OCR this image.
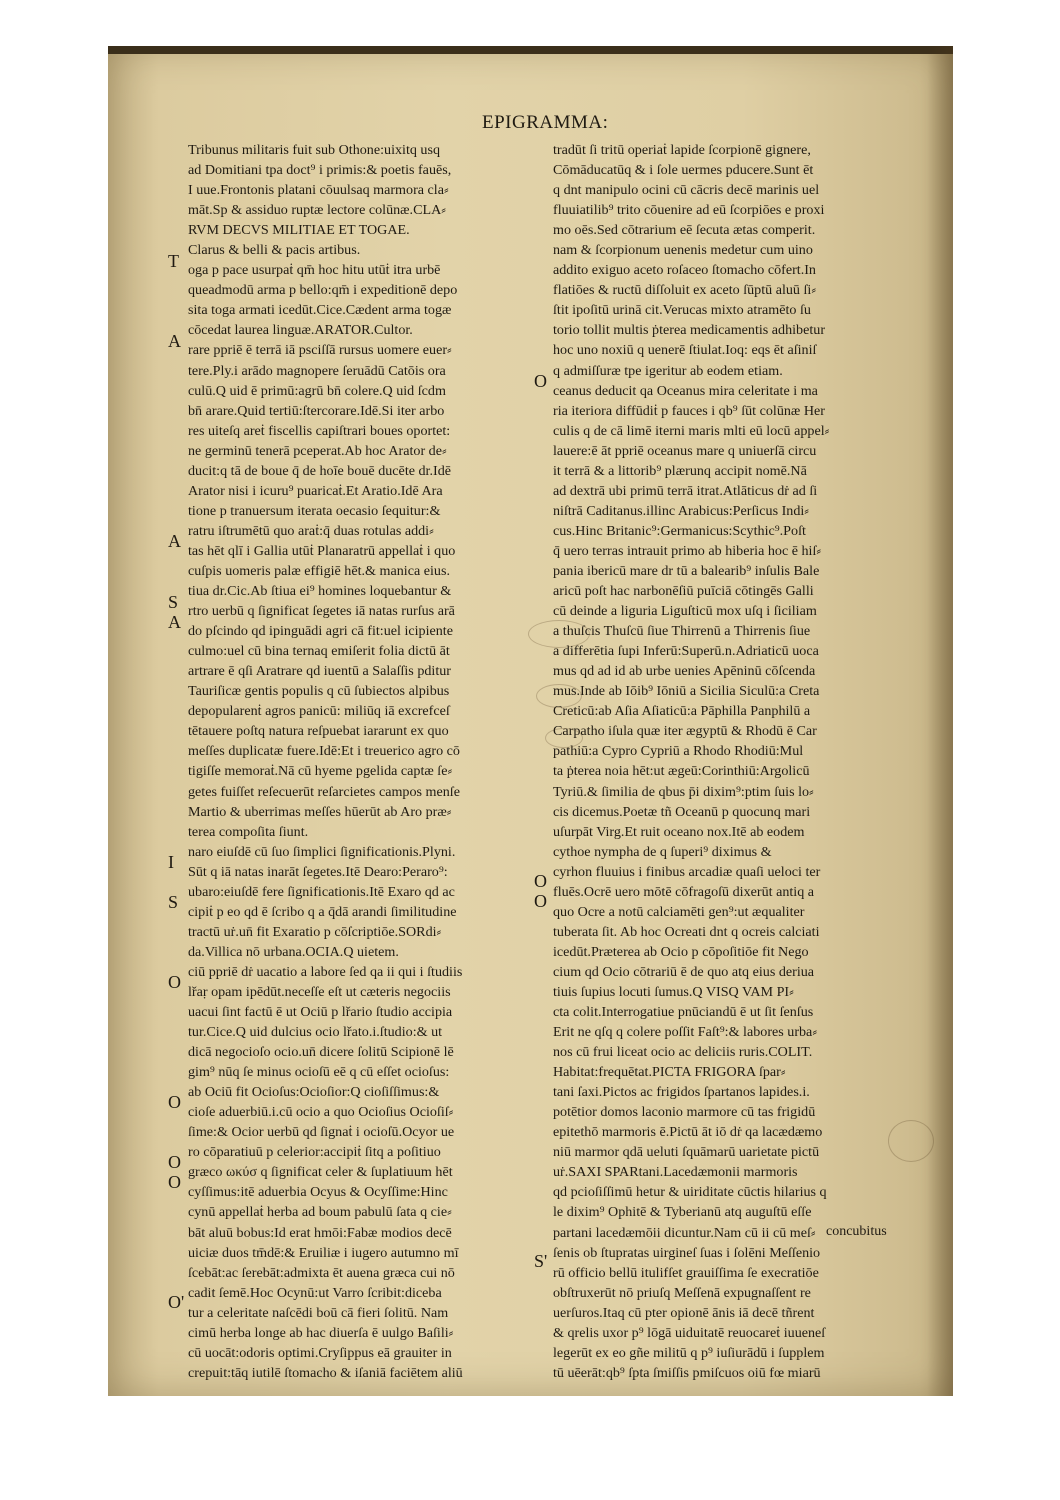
EPIGRAMMA:
T
A
A
S
A
I
S
O
O
O
O
O'
O
O
O
S'

Tribunus militaris fuit sub Othone:uixitq usq

ad Domitiani tpa doct⁹ i primis:& poetis fauēs,

I uue.Frontonis platani cōuulsaq marmora cla⸗

māt.Sp & assiduo ruptæ lectore colūnæ.CLA⸗

RVM DECVS MILITIAE ET TOGAE.

Clarus & belli & pacis artibus.

oga p pace usurpaṫ qm̄ hoc hitu utūṫ itra urbē

queadmodū arma p bello:qm̄ i expeditionē depo

sita toga armati icedūt.Cice.Cædent arma togæ

cōcedat laurea linguæ.ARATOR.Cultor.

rare ppriē ē terrā iā psciſſā rursus uomere euer⸗

tere.Ply.i arādo magnopere ſeruādū Catōis ora

culū.Q uid ē primū:agrū bn̄ colere.Q uid ſcdm

bn̄ arare.Quid tertiū:ſtercorare.Idē.Si iter arbo

res uiteſq areṫ fiscellis capiſtrari boues oportet:

ne germinū tenerā pceperat.Ab hoc Arator de⸗

ducit:q tā de boue q̄ de hoīe bouē ducēte dr.Idē

Arator nisi i icuru⁹ puaricaṫ.Et Aratio.Idē Ara

tione p tranuersum iterata oecasio ſequitur:&

ratru iſtrumētū quo araṫ:q̄ duas rotulas addi⸗

tas hēt qlī i Gallia utūṫ Planaratrū appellaṫ i quo

cuſpis uomeris palæ effigiē hēt.& manica eius.

tiua dr.Cic.Ab ſtiua ei⁹ homines loquebantur &

rtro uerbū q ſignificat ſegetes iā natas rurſus arā

do pſcindo qd ipinguādi agri cā fit:uel icipiente

culmo:uel cū bina ternaq emiſerit folia dictū āt

artrare ē qſi Aratrare qd iuentū a Salaſſis pditur

Tauriſicæ gentis populis q cū ſubiectos alpibus

depopularenṫ agros panicū: miliūq iā excrefceſ

tētauere poſtq natura reſpuebat iararunt ex quo

meſſes duplicatæ fuere.Idē:Et i treuerico agro cō

tigiſſe memoraṫ.Nā cū hyeme pgelida captæ ſe⸗

getes fuiſſet reſecuerūt reſarcietes campos menſe

Martio & uberrimas meſſes hūerūt ab Aro præ⸗

terea compoſita ſiunt.

naro eiuſdē cū ſuo ſimplici ſignificationis.Plyni.

Sūt q iā natas inarāt ſegetes.Itē Dearo:Peraro⁹:

ubaro:eiuſdē fere ſignificationis.Itē Exaro qd ac

cipiṫ p eo qd ē ſcribo q a q̄dā arandi ſimilitudine

tractū uṙ.un̄ fit Exaratio p cōſcriptiōe.SORdi⸗

da.Villica nō urbana.OCIA.Q uietem.

ciū ppriē dṙ uacatio a labore ſed qa ii qui i ſtudiis

lřaṛ opam ipēdūt.neceſſe eſt ut cæteris negociis

uacui ſint factū ē ut Ociū p lřario ſtudio accipia

tur.Cice.Q uid dulcius ocio lřato.i.ſtudio:& ut

dicā negocioſo ocio.un̄ dicere ſolitū Scipionē lē

gim⁹ nūq ſe minus ocioſū eē q cū eſſet ocioſus:

ab Ociū fit Ocioſus:Ocioſior:Q cioſiſſimus:&

cioſe aduerbiū.i.cū ocio a quo Ocioſius Ocioſiſ⸗

ſime:& Ocior uerbū qd ſignaṫ i ocioſū.Ocyor ue

ro cōparatiuū p celerior:accipiṫ ſitq a poſitiuo

græco ωκύσ q ſignificat celer & ſuplatiuum hēt

cyſſimus:itē aduerbia Ocyus & Ocyſſime:Hinc

cynū appellaṫ herba ad boum pabulū ſata q cie⸗

bāt aluū bobus:Id erat hmōi:Fabæ modios decē

uiciæ duos tm̄dē:& Eruiliæ i iugero autumno mī

ſcebāt:ac ſerebāt:admixta ēt auena græca cui nō

cadit ſemē.Hoc Ocynū:ut Varro ſcribit:diceba

tur a celeritate naſcēdi boū cā fieri ſolitū. Nam

cimū herba longe ab hac diuerſa ē uulgo Baſili⸗

cū uocāt:odoris optimi.Cryſippus eā grauiter in

crepuit:tāq iutilē ſtomacho & iſaniā faciētem aliū

tradūt ſi tritū operiaṫ lapide ſcorpionē gignere,

Cōmāducatūq & i ſole uermes pducere.Sunt ēt

q dnt manipulo ocini cū cācris decē marinis uel

fluuiatilib⁹ trito cōuenire ad eū ſcorpiōes e proxi

mo oēs.Sed cōtrarium eē ſecuta ætas comperit.

nam & ſcorpionum uenenis medetur cum uino

addito exiguo aceto roſaceo ſtomacho cōfert.In

flatiōes & ructū diſſoluit ex aceto ſūptū aluū ſi⸗

ſtit ipoſitū urinā cit.Verucas mixto atramēto ſu

torio tollit multis ṗterea medicamentis adhibetur

hoc uno noxiū q uenerē ſtiulat.Ioq: eqs ēt aſiniſ

q admiſſuræ tpe igeritur ab eodem etiam.

ceanus deducit qa Oceanus mira celeritate i ma

ria iteriora diffūdiṫ p fauces i qb⁹ ſūt colūnæ Her

culis q de cā limē iterni maris mlti eū locū appel⸗

lauere:ē āt ppriē oceanus mare q uniuerſā circu

it terrā & a littorib⁹ plærunq accipit nomē.Nā

ad dextrā ubi primū terrā itrat.Atlāticus dṙ ad ſi

niſtrā Caditanus.illinc Arabicus:Perſicus Indi⸗

cus.Hinc Britanic⁹:Germanicus:Scythic⁹.Poſt

q̄ uero terras intrauit primo ab hiberia hoc ē hiſ⸗

pania ibericū mare dr tū a balearib⁹ inſulis Bale

aricū poſt hac narbonēſiū puīciā cōtingēs Galli

cū deinde a liguria Liguſticū mox uſq i ſiciliam

a thuſcis Thuſcū ſiue Thirrenū a Thirrenis ſiue

a differētia ſupi Inferū:Superū.n.Adriaticū uoca

mus qd ad id ab urbe uenies Apēninū cōſcenda

mus.Inde ab Iōib⁹ Iōniū a Sicilia Siculū:a Creta

Creticū:ab Aſia Aſiaticū:a Pāphilla Panphilū a

Carpatho iſula quæ iter ægyptū & Rhodū ē Car

pathiū:a Cypro Cypriū a Rhodo Rhodiū:Mul

ta ṗterea noia hēt:ut ægeū:Corinthiū:Argolicū

Tyriū.& ſimilia de qbus p̄i dixim⁹:ptim ſuis lo⸗

cis dicemus.Poetæ tñ Oceanū p quocunq mari

uſurpāt Virg.Et ruit oceano nox.Itē ab eodem

cythoe nympha de q ſuperi⁹ diximus &

cyrhon fluuius i finibus arcadiæ quaſi ueloci ter

fluēs.Ocrē uero mōtē cōfragoſū dixerūt antiq a

quo Ocre a notū calciamēti gen⁹:ut æqualiter

tuberata ſit. Ab hoc Ocreati dnt q ocreis calciati

icedūt.Præterea ab Ocio p cōpoſitiōe fit Nego

cium qd Ocio cōtrariū ē de quo atq eius deriua

tiuis ſupius locuti ſumus.Q VISQ VAM PI⸗

cta colit.Interrogatiue pnūciandū ē ut ſit ſenſus

Erit ne qſq q colere poſſit Faſt⁹:& labores urba⸗

nos cū frui liceat ocio ac deliciis ruris.COLIT.

Habitat:frequētat.PICTA FRIGORA ſpar⸗

tani ſaxi.Pictos ac frigidos ſpartanos lapides.i.

potētior domos laconio marmore cū tas frigidū

epitethō marmoris ē.Pictū āt iō dṙ qa lacædæmo

niū marmor qdā ueluti ſquāmarū uarietate pictū

uṙ.SAXI SPARtani.Lacedæmonii marmoris

qd pcioſiſſimū hetur & uiriditate cūctis hilarius q

le dixim⁹ Ophitē & Tyberianū atq auguſtū eſſe

partani lacedæmōii dicuntur.Nam cū ii cū meſ⸗

ſenis ob ſtupratas uirgineſ ſuas i ſolēni Meſſenio

rū officio bellū itulifſet grauiſſima ſe execratiōe

obſtruxerūt nō priuſq Meſſenā expugnaſſent re

uerſuros.Itaq cū pter opionē ānis iā decē tñrent

& qrelis uxor p⁹ lōgā uiduitatē reuocareṫ iuueneſ

legerūt ex eo gñe militū q p⁹ iuſiurādū i ſupplem

tū uēerāt:qb⁹ ſpta ſmiſſis pmiſcuos oiū fœ miarū

concubitus
